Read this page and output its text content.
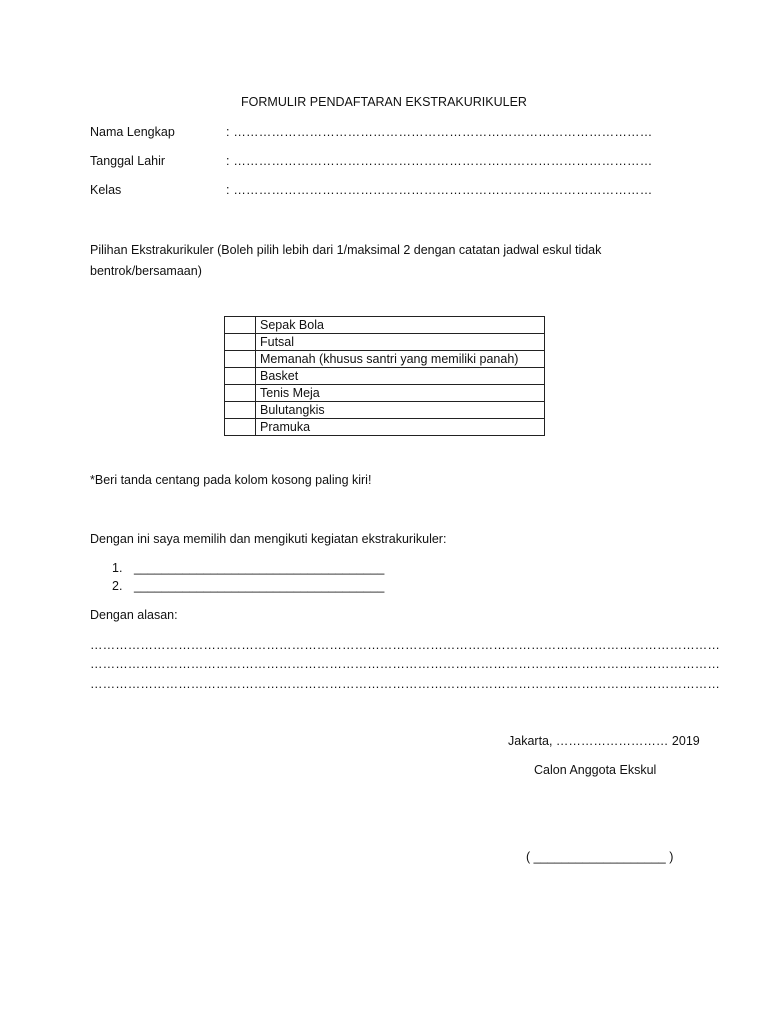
FORMULIR PENDAFTARAN EKSTRAKURIKULER
Nama Lengkap	: ………………………………………………………………………………………
Tanggal Lahir	: ………………………………………………………………………………………
Kelas	: ………………………………………………………………………………………
Pilihan Ekstrakurikuler (Boleh pilih lebih dari 1/maksimal 2 dengan catatan jadwal eskul tidak bentrok/bersamaan)
	Sepak Bola
	Futsal
	Memanah (khusus santri yang memiliki panah)
	Basket
	Tenis Meja
	Bulutangkis
	Pramuka
*Beri tanda centang pada kolom kosong paling kiri!
Dengan ini saya memilih dan mengikuti kegiatan ekstrakurikuler:
1. ____________________________________
2. ____________________________________
Dengan alasan:
……………………………………………………………………………………………………………………………………
……………………………………………………………………………………………………………………………………
……………………………………………………………………………………………………………………………………
Jakarta, ……………………… 2019
Calon Anggota Ekskul
( ___________________ )
